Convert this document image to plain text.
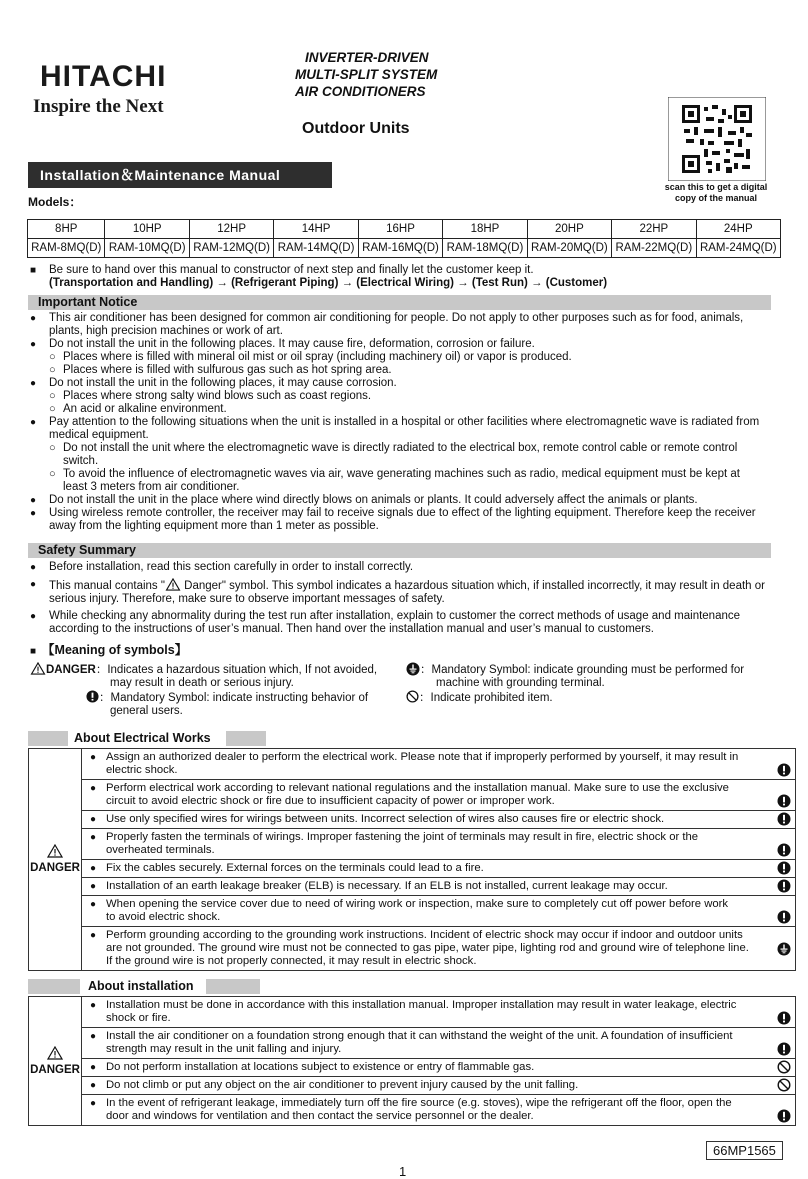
HITACHI
Inspire the Next
INVERTER-DRIVEN
MULTI-SPLIT SYSTEM
AIR CONDITIONERS
Outdoor Units
scan this to get a digital
copy of the manual
Installation＆Maintenance Manual
Models：
8HP	10HP	12HP	14HP	16HP	18HP	20HP	22HP	24HP
RAM-8MQ(D)	RAM-10MQ(D)	RAM-12MQ(D)	RAM-14MQ(D)	RAM-16MQ(D)	RAM-18MQ(D)	RAM-20MQ(D)	RAM-22MQ(D)	RAM-24MQ(D)
■ Be sure to hand over this manual to constructor of next step and finally let the customer keep it.
(Transportation and Handling) → (Refrigerant Piping) → (Electrical Wiring) → (Test Run) → (Customer)
Important Notice
● This air conditioner has been designed for common air conditioning for people. Do not apply to other purposes such as for food, animals,
plants, high precision machines or work of art.
● Do not install the unit in the following places. It may cause fire, deformation, corrosion or failure.
○ Places where is filled with mineral oil mist or oil spray (including machinery oil) or vapor is produced.
○ Places where is filled with sulfurous gas such as hot spring area.
● Do not install the unit in the following places, it may cause corrosion.
○ Places where strong salty wind blows such as coast regions.
○ An acid or alkaline environment.
● Pay attention to the following situations when the unit is installed in a hospital or other facilities where electromagnetic wave is radiated from
medical equipment.
○ Do not install the unit where the electromagnetic wave is directly radiated to the electrical box, remote control cable or remote control
switch.
○ To avoid the influence of electromagnetic waves via air, wave generating machines such as radio, medical equipment must be kept at
least 3 meters from air conditioner.
● Do not install the unit in the place where wind directly blows on animals or plants. It could adversely affect the animals or plants.
● Using wireless remote controller, the receiver may fail to receive signals due to effect of the lighting equipment. Therefore keep the receiver
away from the lighting equipment more than 1 meter as possible.
Safety Summary
● Before installation, read this section carefully in order to install correctly.
● This manual contains " Danger" symbol. This symbol indicates a hazardous situation which, if installed incorrectly, it may result in death or
serious injury. Therefore, make sure to observe important messages of safety.
● While checking any abnormality during the test run after installation, explain to customer the correct methods of usage and maintenance
according to the instructions of user’s manual. Then hand over the installation manual and user’s manual to customers.
■ 【Meaning of symbols】
DANGER：Indicates a hazardous situation which, If not avoided,
may result in death or serious injury.
：Mandatory Symbol: indicate instructing behavior of
general users.
：Mandatory Symbol: indicate grounding must be performed for
machine with grounding terminal.
：Indicate prohibited item.
About Electrical Works

DANGER	
● Assign an authorized dealer to perform the electrical work. Please note that if improperly performed by yourself, it may result in
electric shock.

● Perform electrical work according to relevant national regulations and the installation manual. Make sure to use the exclusive
circuit to avoid electric shock or fire due to insufficient capacity of power or improper work.

● Use only specified wires for wirings between units. Incorrect selection of wires also causes fire or electric shock.

● Properly fasten the terminals of wirings. Improper fastening the joint of terminals may result in fire, electric shock or the
overheated terminals.

● Fix the cables securely. External forces on the terminals could lead to a fire.

● Installation of an earth leakage breaker (ELB) is necessary. If an ELB is not installed, current leakage may occur.

● When opening the service cover due to need of wiring work or inspection, make sure to completely cut off power before work
to avoid electric shock.

● Perform grounding according to the grounding work instructions. Incident of electric shock may occur if indoor and outdoor units
are not grounded. The ground wire must not be connected to gas pipe, water pipe, lighting rod and ground wire of telephone line.
If the ground wire is not properly connected, it may result in electric shock.
About installation

DANGER	
● Installation must be done in accordance with this installation manual. Improper installation may result in water leakage, electric
shock or fire.

● Install the air conditioner on a foundation strong enough that it can withstand the weight of the unit. A foundation of insufficient
strength may result in the unit falling and injury.

● Do not perform installation at locations subject to existence or entry of flammable gas.

● Do not climb or put any object on the air conditioner to prevent injury caused by the unit falling.

● In the event of refrigerant leakage, immediately turn off the fire source (e.g. stoves), wipe the refrigerant off the floor, open the
door and windows for ventilation and then contact the service personnel or the dealer.
66MP1565
1
